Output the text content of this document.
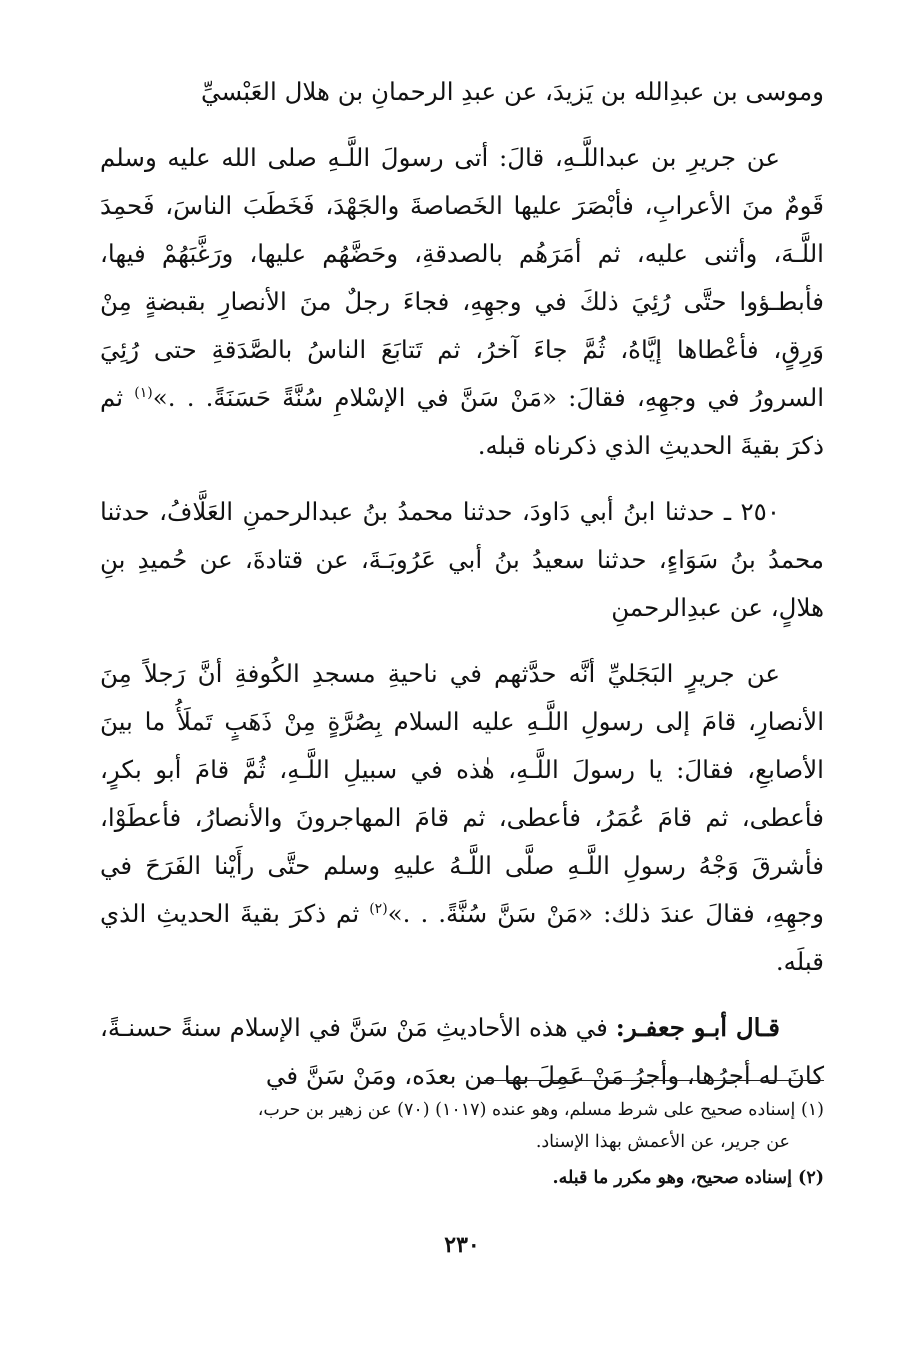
وموسى بن عبدِالله بن يَزيدَ، عن عبدِ الرحمانِ بن هلال العَبْسيِّ

عن جريرِ بن عبداللَّـهِ، قالَ: أتى رسولَ اللَّـهِ صلى الله عليه وسلم قَومٌ منَ الأعرابِ، فأبْصَرَ عليها الخَصاصةَ والجَهْدَ، فَخَطَبَ الناسَ، فَحمِدَ اللَّـهَ، وأثنى عليه، ثم أمَرَهُم بالصدقةِ، وحَضَّهُم عليها، ورَغَّبَهُمْ فيها، فأبطـؤوا حتَّى رُئِيَ ذلكَ في وجهِهِ، فجاءَ رجلٌ منَ الأنصارِ بقبضةٍ مِنْ وَرِقٍ، فأعْطاها إيَّاهُ، ثُمَّ جاءَ آخرُ، ثم تَتابَعَ الناسُ بالصَّدَقةِ حتى رُئِيَ السرورُ في وجهِهِ، فقالَ: «مَنْ سَنَّ في الإسْلامِ سُنَّةً حَسَنَةً. . .»$^{(١)}$ ثم ذكرَ بقيةَ الحديثِ الذي ذكرناه قبله.

٢٥٠ ـ حدثنا ابنُ أبي دَاودَ، حدثنا محمدُ بنُ عبدالرحمنِ العَلَّافُ، حدثنا محمدُ بنُ سَوَاءٍ، حدثنا سعيدُ بنُ أبي عَرُوبَـةَ، عن قتادةَ، عن حُميدِ بنِ هلالٍ، عن عبدِالرحمنِ

عن جريرٍ البَجَليِّ أنَّه حدَّثهم في ناحيةِ مسجدِ الكُوفةِ أنَّ رَجلاً مِنَ الأنصارِ، قامَ إلى رسولِ اللَّـهِ عليه السلام بِصُرَّةٍ مِنْ ذَهَبٍ تَملَأُ ما بينَ الأصابعِ، فقالَ: يا رسولَ اللَّـهِ، هٰذه في سبيلِ اللَّـهِ، ثُمَّ قامَ أبو بكرٍ، فأعطى، ثم قامَ عُمَرُ، فأعطى، ثم قامَ المهاجرونَ والأنصارُ، فأعطَوْا، فأشرقَ وَجْهُ رسولِ اللَّـهِ صلَّى اللَّـهُ عليهِ وسلم حتَّى رأَيْنا الفَرَحَ في وجهِهِ، فقالَ عندَ ذلك: «مَنْ سَنَّ سُنَّةً. . .»$^{(٢)}$ ثم ذكرَ بقيةَ الحديثِ الذي قبلَه.

قـال أبـو جعفـر: في هذه الأحاديثِ مَنْ سَنَّ في الإسلام سنةً حسنـةً، كانَ له أجرُها، وأجرُ مَنْ عَمِلَ بها من بعدَه، ومَنْ سَنَّ في

(١) إسناده صحيح على شرط مسلم، وهو عنده (١٠١٧) (٧٠) عن زهير بن حرب،
عن جرير، عن الأعمش بهذا الإسناد.

(٢) إسناده صحيح، وهو مكرر ما قبله.

٢٣٠
